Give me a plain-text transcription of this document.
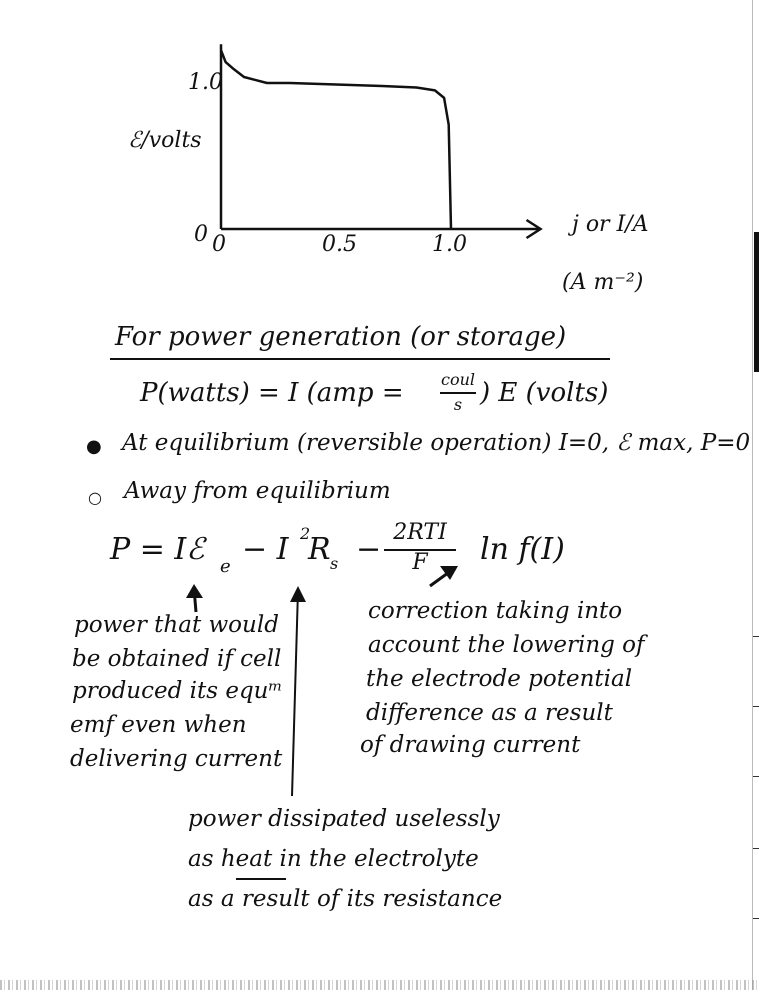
ℰ/volts
1.0
0 0	0.5	1.0
j or I/A
(A m⁻²)
For power generation (or storage)
P(watts) = I (amp = coul
s ) E (volts)
● At equilibrium (reversible operation) I=0, ℰ max, P=0
○ Away from equilibrium
P = Iℰ e − I 2
R s − 2RTI
F	ln f(I)
power that would
be obtained if cell
produced its equᵐ
emf even when
delivering current
correction taking into
account the lowering of
the electrode potential
difference as a result
of drawing current
power dissipated uselessly
as heat in the electrolyte
as a result of its resistance
